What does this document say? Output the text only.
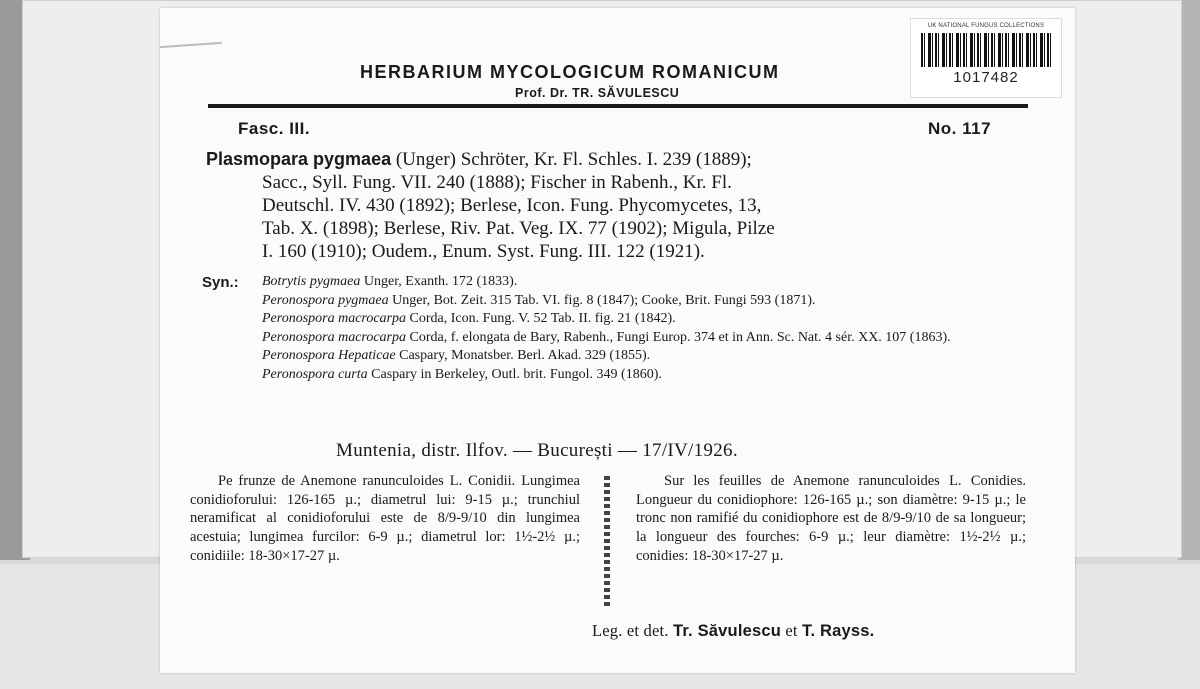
UK NATIONAL FUNGUS COLLECTIONS
1017482
HERBARIUM MYCOLOGICUM ROMANICUM
Prof. Dr. TR. SĂVULESCU
Fasc. III.	No. 117
Plasmopara pygmaea (Unger) Schröter, Kr. Fl. Schles. I. 239 (1889);
Sacc., Syll. Fung. VII. 240 (1888); Fischer in Rabenh., Kr. Fl.
Deutschl. IV. 430 (1892); Berlese, Icon. Fung. Phycomycetes, 13,
Tab. X. (1898); Berlese, Riv. Pat. Veg. IX. 77 (1902); Migula, Pilze
I. 160 (1910); Oudem., Enum. Syst. Fung. III. 122 (1921).
Syn.: Botrytis pygmaea Unger, Exanth. 172 (1833).

Peronospora pygmaea Unger, Bot. Zeit. 315 Tab. VI. fig. 8 (1847); Cooke, Brit. Fungi 593 (1871).

Peronospora macrocarpa Corda, Icon. Fung. V. 52 Tab. II. fig. 21 (1842).

Peronospora macrocarpa Corda, f. elongata de Bary, Rabenh., Fungi Europ. 374 et in Ann. Sc. Nat. 4 sér. XX. 107 (1863).

Peronospora Hepaticae Caspary, Monatsber. Berl. Akad. 329 (1855).

Peronospora curta Caspary in Berkeley, Outl. brit. Fungol. 349 (1860).

Muntenia, distr. Ilfov. — București — 17/IV/1926.

Pe frunze de Anemone ranunculoides L. Conidii. Lungimea conidioforului: 126-165 µ.; diametrul lui: 9-15 µ.; trunchiul neramificat al conidioforului este de 8/9-9/10 din lungimea acestuia; lungimea furcilor: 6-9 µ.; diametrul lor: 1½-2½ µ.; conidiile: 18-30×17-27 µ.

Sur les feuilles de Anemone ranunculoides L. Conidies. Longueur du conidiophore: 126-165 µ.; son diamètre: 9-15 µ.; le tronc non ramifié du conidiophore est de 8/9-9/10 de sa longueur; la longueur des fourches: 6-9 µ.; leur diamètre: 1½-2½ µ.; conidies: 18-30×17-27 µ.

Leg. et det. Tr. Săvulescu et T. Rayss.
